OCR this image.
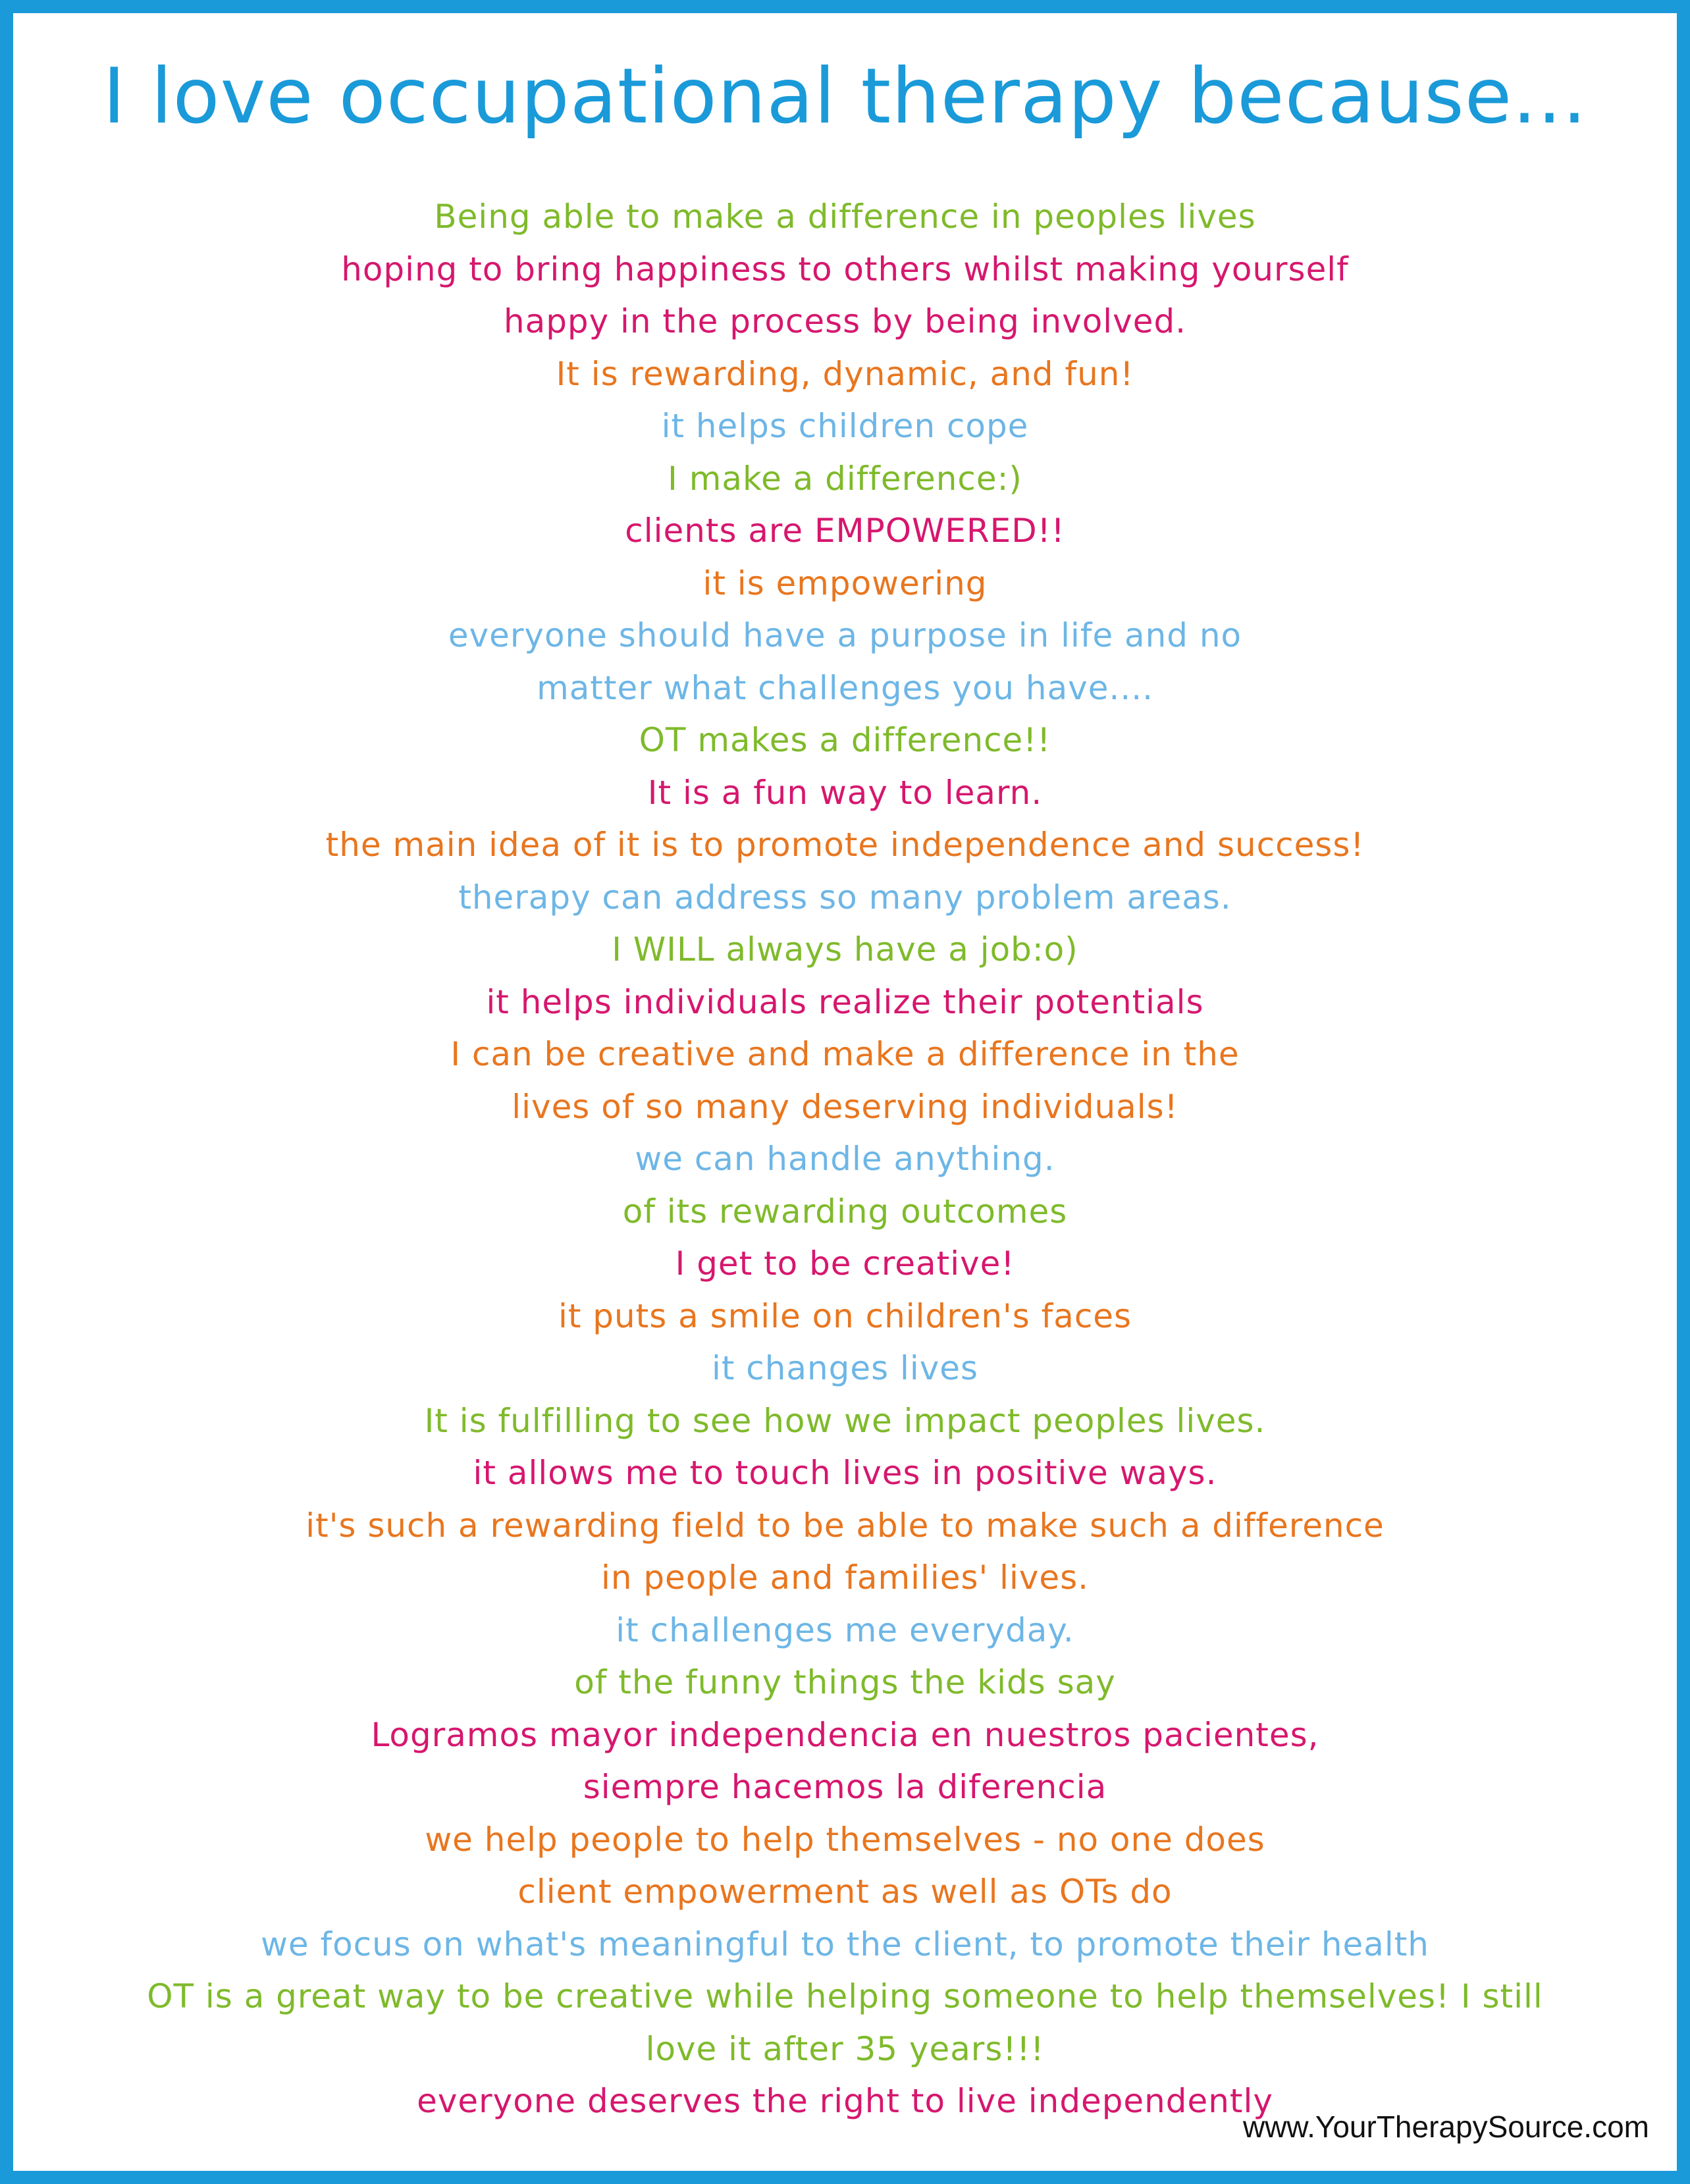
I love occupational therapy because...
Being able to make a difference in peoples lives
hoping to bring happiness to others whilst making yourself
happy in the process by being involved.
It is rewarding, dynamic, and fun!
it helps children cope
I make a difference:)
clients are EMPOWERED!!
it is empowering
everyone should have a purpose in life and no
matter what challenges you have....
OT makes a difference!!
It is a fun way to learn.
the main idea of it is to promote independence and success!
therapy can address so many problem areas.
I WILL always have a job:o)
it helps individuals realize their potentials
I can be creative and make a difference in the
lives of so many deserving individuals!
we can handle anything.
of its rewarding outcomes
I get to be creative!
it puts a smile on children's faces
it changes lives
It is fulfilling to see how we impact peoples lives.
it allows me to touch lives in positive ways.
it's such a rewarding field to be able to make such a difference
in people and families' lives.
it challenges me everyday.
of the funny things the kids say
Logramos mayor independencia en nuestros pacientes,
siempre hacemos la diferencia
we help people to help themselves - no one does
client empowerment as well as OTs do
we focus on what's meaningful to the client, to promote their health
OT is a great way to be creative while helping someone to help themselves! I still
love it after 35 years!!!
everyone deserves the right to live independently
www.YourTherapySource.com
